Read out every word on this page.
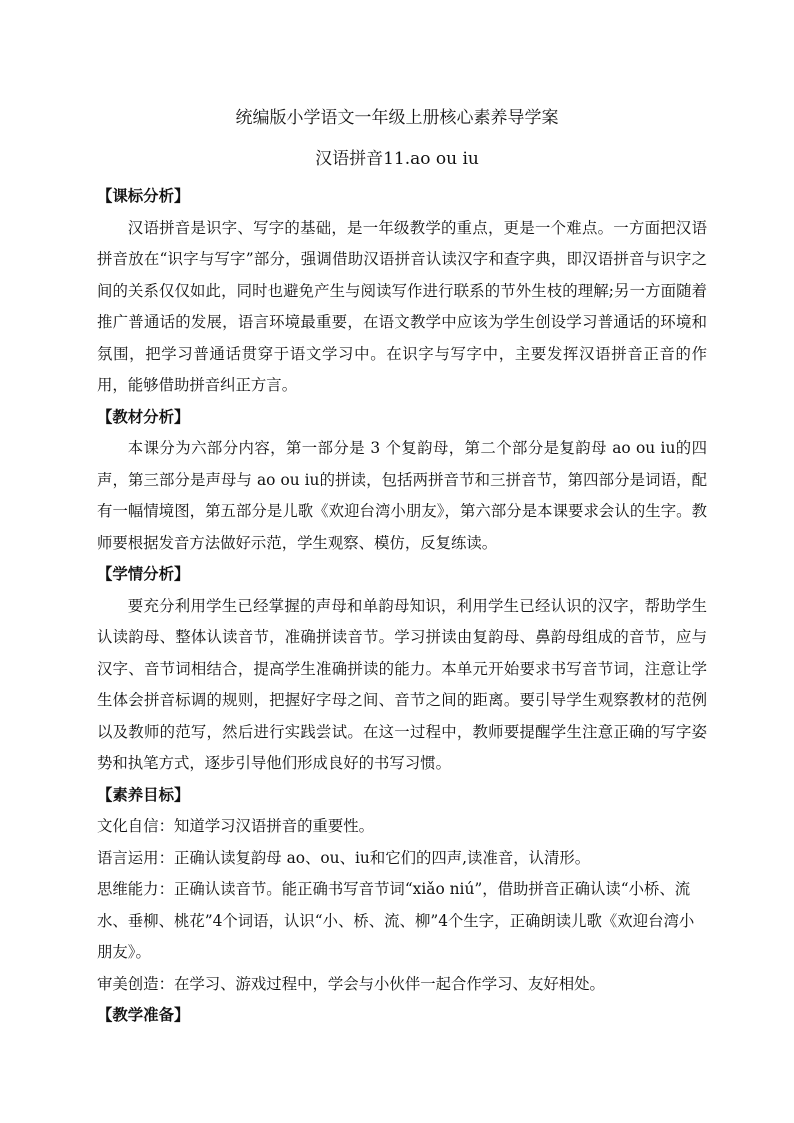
统编版小学语文一年级上册核心素养导学案
汉语拼音11.ao ou iu

【课标分析】

汉语拼音是识字、写字的基础，是一年级教学的重点，更是一个难点。一方面把汉语拼音放在“识字与写字”部分，强调借助汉语拼音认读汉字和查字典，即汉语拼音与识字之间的关系仅仅如此，同时也避免产生与阅读写作进行联系的节外生枝的理解;另一方面随着推广普通话的发展，语言环境最重要，在语文教学中应该为学生创设学习普通话的环境和氛围，把学习普通话贯穿于语文学习中。在识字与写字中，主要发挥汉语拼音正音的作用，能够借助拼音纠正方言。

【教材分析】

本课分为六部分内容，第一部分是 3 个复韵母，第二个部分是复韵母 ao ou iu的四声，第三部分是声母与 ao ou iu的拼读，包括两拼音节和三拼音节，第四部分是词语，配有一幅情境图，第五部分是儿歌《欢迎台湾小朋友》，第六部分是本课要求会认的生字。教师要根据发音方法做好示范，学生观察、模仿，反复练读。

【学情分析】

要充分利用学生已经掌握的声母和单韵母知识，利用学生已经认识的汉字，帮助学生认读韵母、整体认读音节，准确拼读音节。学习拼读由复韵母、鼻韵母组成的音节，应与汉字、音节词相结合，提高学生准确拼读的能力。本单元开始要求书写音节词，注意让学生体会拼音标调的规则，把握好字母之间、音节之间的距离。要引导学生观察教材的范例以及教师的范写，然后进行实践尝试。在这一过程中，教师要提醒学生注意正确的写字姿势和执笔方式，逐步引导他们形成良好的书写习惯。

【素养目标】

文化自信：知道学习汉语拼音的重要性。

语言运用：正确认读复韵母 ao、ou、iu和它们的四声,读准音，认清形。

思维能力：正确认读音节。能正确书写音节词“xiǎo niú”，借助拼音正确认读“小桥、流水、垂柳、桃花”4个词语，认识“小、桥、流、柳”4个生字，正确朗读儿歌《欢迎台湾小朋友》。

审美创造：在学习、游戏过程中，学会与小伙伴一起合作学习、友好相处。

【教学准备】
